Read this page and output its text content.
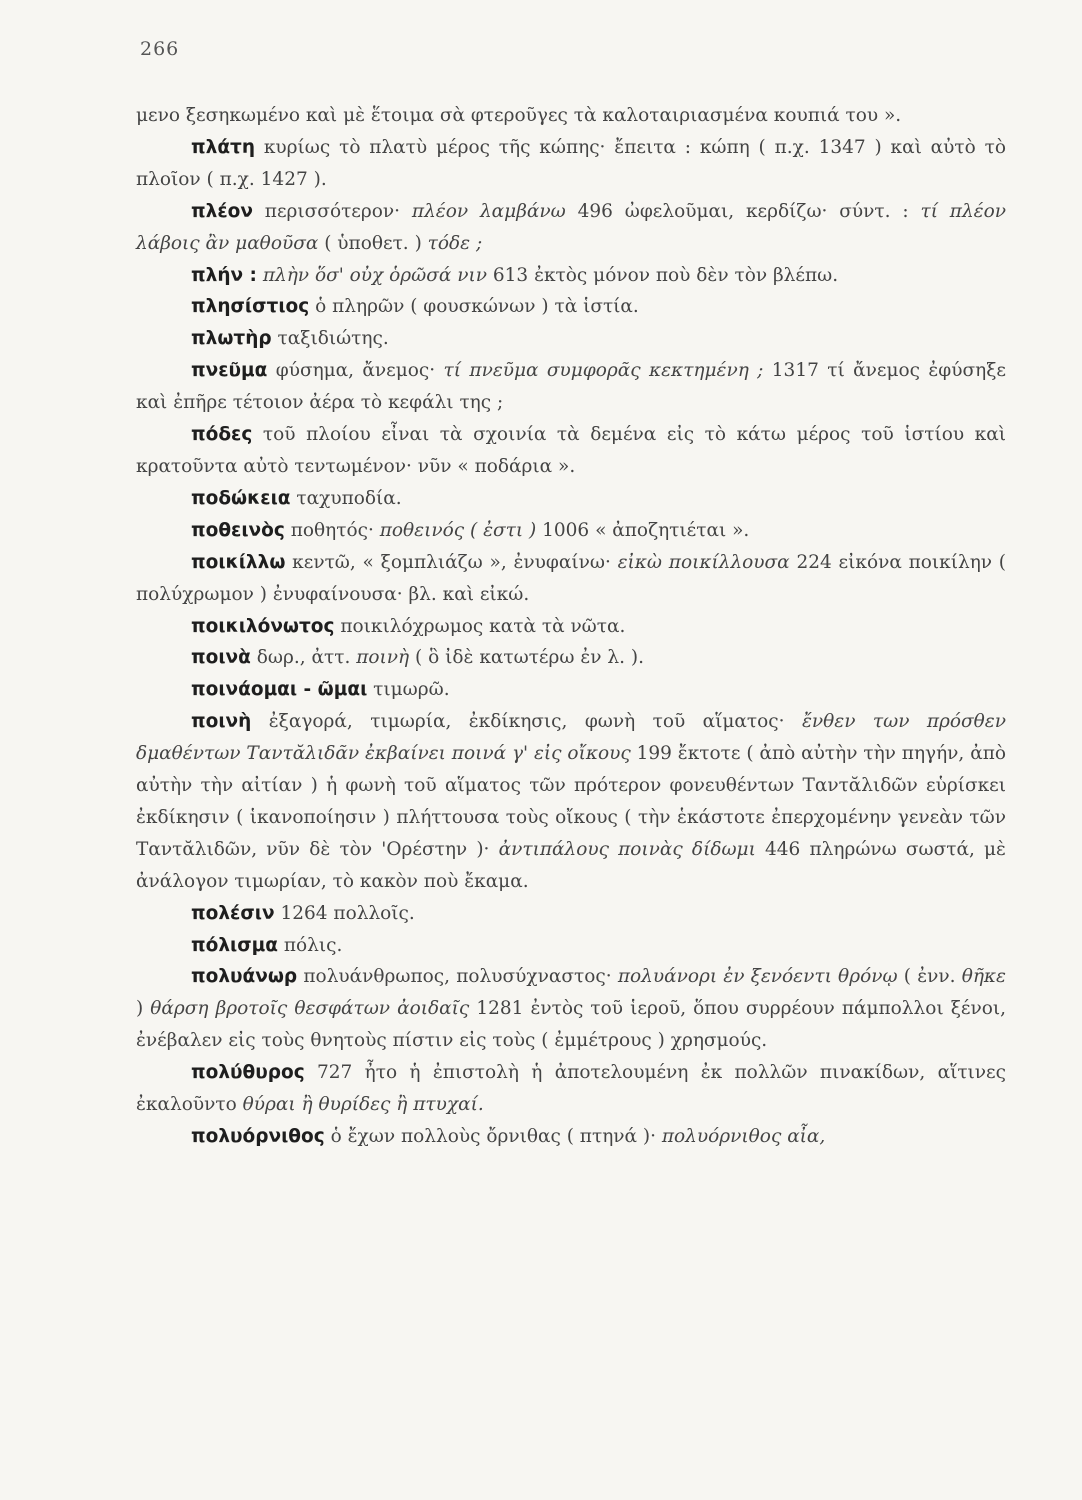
266

μενο ξεσηκωμένο καὶ μὲ ἕτοιμα σὰ φτεροῦγες τὰ καλοταιριασμένα κουπιά του ».

πλάτη κυρίως τὸ πλατὺ μέρος τῆς κώπης· ἔπειτα : κώπη ( π.χ. 1347 ) καὶ αὐτὸ τὸ πλοῖον ( π.χ. 1427 ).

πλέον περισσότερον· πλέον λαμβάνω 496 ὠφελοῦμαι, κερδίζω· σύντ. : τί πλέον λάβοις ἂν μαθοῦσα ( ὑποθετ. ) τόδε ;

πλήν : πλὴν ὅσ' οὐχ ὁρῶσά νιν 613 ἐκτὸς μόνον ποὺ δὲν τὸν βλέπω.

πλησίστιος ὁ πληρῶν ( φουσκώνων ) τὰ ἱστία.

πλωτὴρ ταξιδιώτης.

πνεῦμα φύσημα, ἄνεμος· τί πνεῦμα συμφορᾶς κεκτημένη ; 1317 τί ἄνεμος ἐφύσηξε καὶ ἐπῆρε τέτοιον ἀέρα τὸ κεφάλι της ;

πόδες τοῦ πλοίου εἶναι τὰ σχοινία τὰ δεμένα εἰς τὸ κάτω μέρος τοῦ ἱστίου καὶ κρατοῦντα αὐτὸ τεντωμένον· νῦν « ποδάρια ».

ποδώκεια ταχυποδία.

ποθεινὸς ποθητός· ποθεινός ( ἐστι ) 1006 « ἀποζητιέται ».

ποικίλλω κεντῶ, « ξομπλιάζω », ἐνυφαίνω· εἰκὼ ποικίλλουσα 224 εἰκόνα ποικίλην ( πολύχρωμον ) ἐνυφαίνουσα· βλ. καὶ εἰκώ.

ποικιλόνωτος ποικιλόχρωμος κατὰ τὰ νῶτα.

ποινὰ δωρ., ἀττ. ποινὴ ( ὃ ἰδὲ κατωτέρω ἐν λ. ).

ποινάομαι - ῶμαι τιμωρῶ.

ποινὴ ἐξαγορά, τιμωρία, ἐκδίκησις, φωνὴ τοῦ αἵματος· ἔνθεν των πρόσθεν δμαθέντων Ταντᾰλιδᾶν ἐκβαίνει ποινά γ' εἰς οἴκους 199 ἔκτοτε ( ἀπὸ αὐτὴν τὴν πηγήν, ἀπὸ αὐτὴν τὴν αἰτίαν ) ἡ φωνὴ τοῦ αἵματος τῶν πρότερον φονευθέντων Ταντᾰλιδῶν εὑρίσκει ἐκδίκησιν ( ἱκανοποίησιν ) πλήττουσα τοὺς οἴκους ( τὴν ἑκάστοτε ἐπερχομένην γενεὰν τῶν Ταντᾰλιδῶν, νῦν δὲ τὸν 'Ορέστην )· ἀντιπάλους ποινὰς δίδωμι 446 πληρώνω σωστά, μὲ ἀνάλογον τιμωρίαν, τὸ κακὸν ποὺ ἔκαμα.

πολέσιν 1264 πολλοῖς.

πόλισμα πόλις.

πολυάνωρ πολυάνθρωπος, πολυσύχναστος· πολυάνορι ἐν ξενόεντι θρόνῳ ( ἐνν. θῆκε ) θάρση βροτοῖς θεσφάτων ἀοιδαῖς 1281 ἐντὸς τοῦ ἱεροῦ, ὅπου συρρέουν πάμπολλοι ξένοι, ἐνέβαλεν εἰς τοὺς θνητοὺς πίστιν εἰς τοὺς ( ἐμμέτρους ) χρησμούς.

πολύθυρος 727 ἦτο ἡ ἐπιστολὴ ἡ ἀποτελουμένη ἐκ πολλῶν πινακίδων, αἵτινες ἐκαλοῦντο θύραι ἢ θυρίδες ἢ πτυχαί.

πολυόρνιθος ὁ ἔχων πολλοὺς ὄρνιθας ( πτηνά )· πολυόρνιθος αἶα,
